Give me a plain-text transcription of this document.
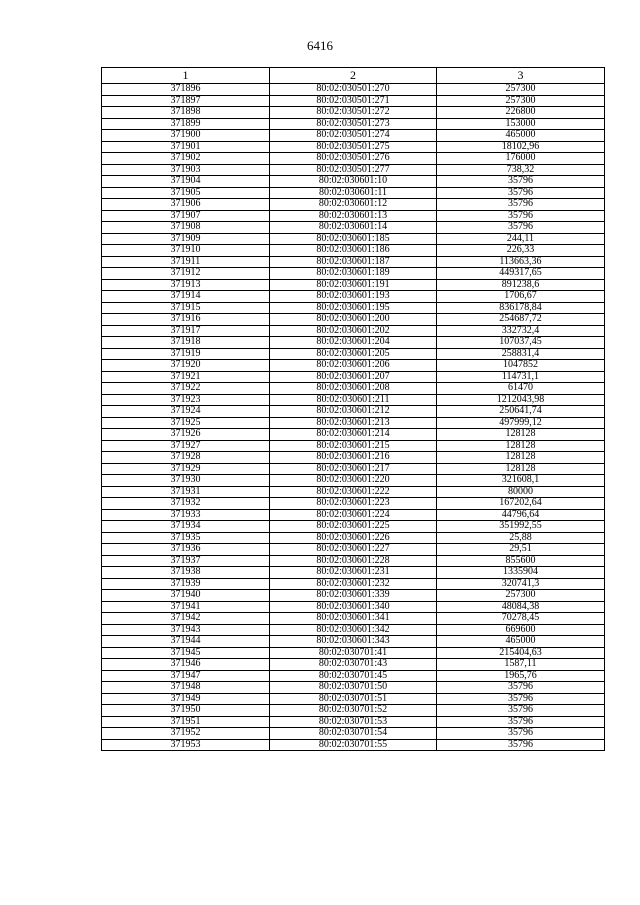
6416
1	2	3
371896	80:02:030501:270	257300
371897	80:02:030501:271	257300
371898	80:02:030501:272	226800
371899	80:02:030501:273	153000
371900	80:02:030501:274	465000
371901	80:02:030501:275	18102,96
371902	80:02:030501:276	176000
371903	80:02:030501:277	738,32
371904	80:02:030601:10	35796
371905	80:02:030601:11	35796
371906	80:02:030601:12	35796
371907	80:02:030601:13	35796
371908	80:02:030601:14	35796
371909	80:02:030601:185	244,11
371910	80:02:030601:186	226,33
371911	80:02:030601:187	113663,36
371912	80:02:030601:189	449317,65
371913	80:02:030601:191	891238,6
371914	80:02:030601:193	1706,67
371915	80:02:030601:195	836178,84
371916	80:02:030601:200	254687,72
371917	80:02:030601:202	332732,4
371918	80:02:030601:204	107037,45
371919	80:02:030601:205	258831,4
371920	80:02:030601:206	1047852
371921	80:02:030601:207	114731,1
371922	80:02:030601:208	61470
371923	80:02:030601:211	1212043,98
371924	80:02:030601:212	250641,74
371925	80:02:030601:213	497999,12
371926	80:02:030601:214	128128
371927	80:02:030601:215	128128
371928	80:02:030601:216	128128
371929	80:02:030601:217	128128
371930	80:02:030601:220	321608,1
371931	80:02:030601:222	80000
371932	80:02:030601:223	167202,64
371933	80:02:030601:224	44796,64
371934	80:02:030601:225	351992,55
371935	80:02:030601:226	25,88
371936	80:02:030601:227	29,51
371937	80:02:030601:228	855600
371938	80:02:030601:231	1335904
371939	80:02:030601:232	320741,3
371940	80:02:030601:339	257300
371941	80:02:030601:340	48084,38
371942	80:02:030601:341	70278,45
371943	80:02:030601:342	669600
371944	80:02:030601:343	465000
371945	80:02:030701:41	215404,63
371946	80:02:030701:43	1587,11
371947	80:02:030701:45	1965,76
371948	80:02:030701:50	35796
371949	80:02:030701:51	35796
371950	80:02:030701:52	35796
371951	80:02:030701:53	35796
371952	80:02:030701:54	35796
371953	80:02:030701:55	35796
